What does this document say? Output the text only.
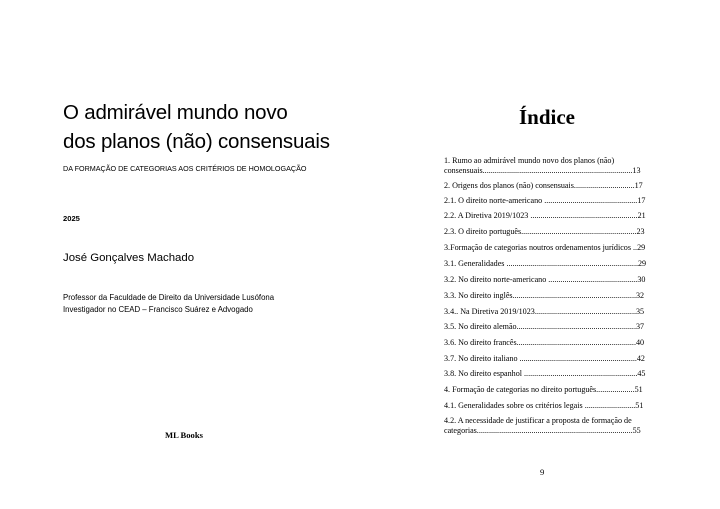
O admirável mundo novo
dos planos (não) consensuais
DA FORMAÇÃO DE CATEGORIAS AOS CRITÉRIOS DE HOMOLOGAÇÃO
2025
José Gonçalves Machado
Professor da Faculdade de Direito da Universidade Lusófona
Investigador no CEAD – Francisco Suárez e Advogado
ML Books
Índice
1. Rumo ao admirável mundo novo dos planos (não)
consensuais..........................................................................13
2. Origens dos planos (não) consensuais..............................17
2.1. O direito norte-americano ..............................................17
2.2. A Diretiva 2019/1023 .....................................................21
2.3. O direito português.........................................................23
3.Formação de categorias noutros ordenamentos jurídicos ..29
3.1. Generalidades .................................................................29
3.2. No direito norte-americano ............................................30
3.3. No direito inglês.............................................................32
3.4.. Na Diretiva 2019/1023..................................................35
3.5. No direito alemão...........................................................37
3.6. No direito francês...........................................................40
3.7. No direito italiano ..........................................................42
3.8. No direito espanhol ........................................................45
4. Formação de categorias no direito português...................51
4.1. Generalidades sobre os critérios legais .........................51
4.2. A necessidade de justificar a proposta de formação de
categorias.............................................................................55
9
